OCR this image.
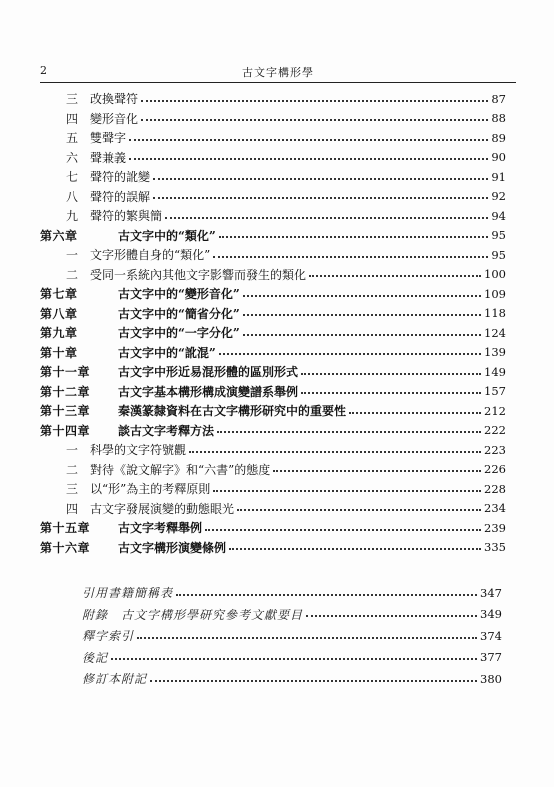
2	古文字構形學
三	改換聲符	87
四	變形音化	88
五	雙聲字	89
六	聲兼義	90
七	聲符的訛變	91
八	聲符的誤解	92
九	聲符的繁與簡	94
第六章	古文字中的“類化”	95
一	文字形體自身的“類化”	95
二	受同一系統內其他文字影響而發生的類化	100
第七章	古文字中的“變形音化”	109
第八章	古文字中的“簡省分化”	118
第九章	古文字中的“一字分化”	124
第十章	古文字中的“訛混”	139
第十一章	古文字中形近易混形體的區別形式	149
第十二章	古文字基本構形構成演變譜系舉例	157
第十三章	秦漢篆隸資料在古文字構形研究中的重要性	212
第十四章	談古文字考釋方法	222
一	科學的文字符號觀	223
二	對待《說文解字》和“六書”的態度	226
三	以“形”為主的考釋原則	228
四	古文字發展演變的動態眼光	234
第十五章	古文字考釋舉例	239
第十六章	古文字構形演變條例	335
引用書籍簡稱表	347
附錄　古文字構形學研究參考文獻要目	349
釋字索引	374
後記	377
修訂本附記	380
